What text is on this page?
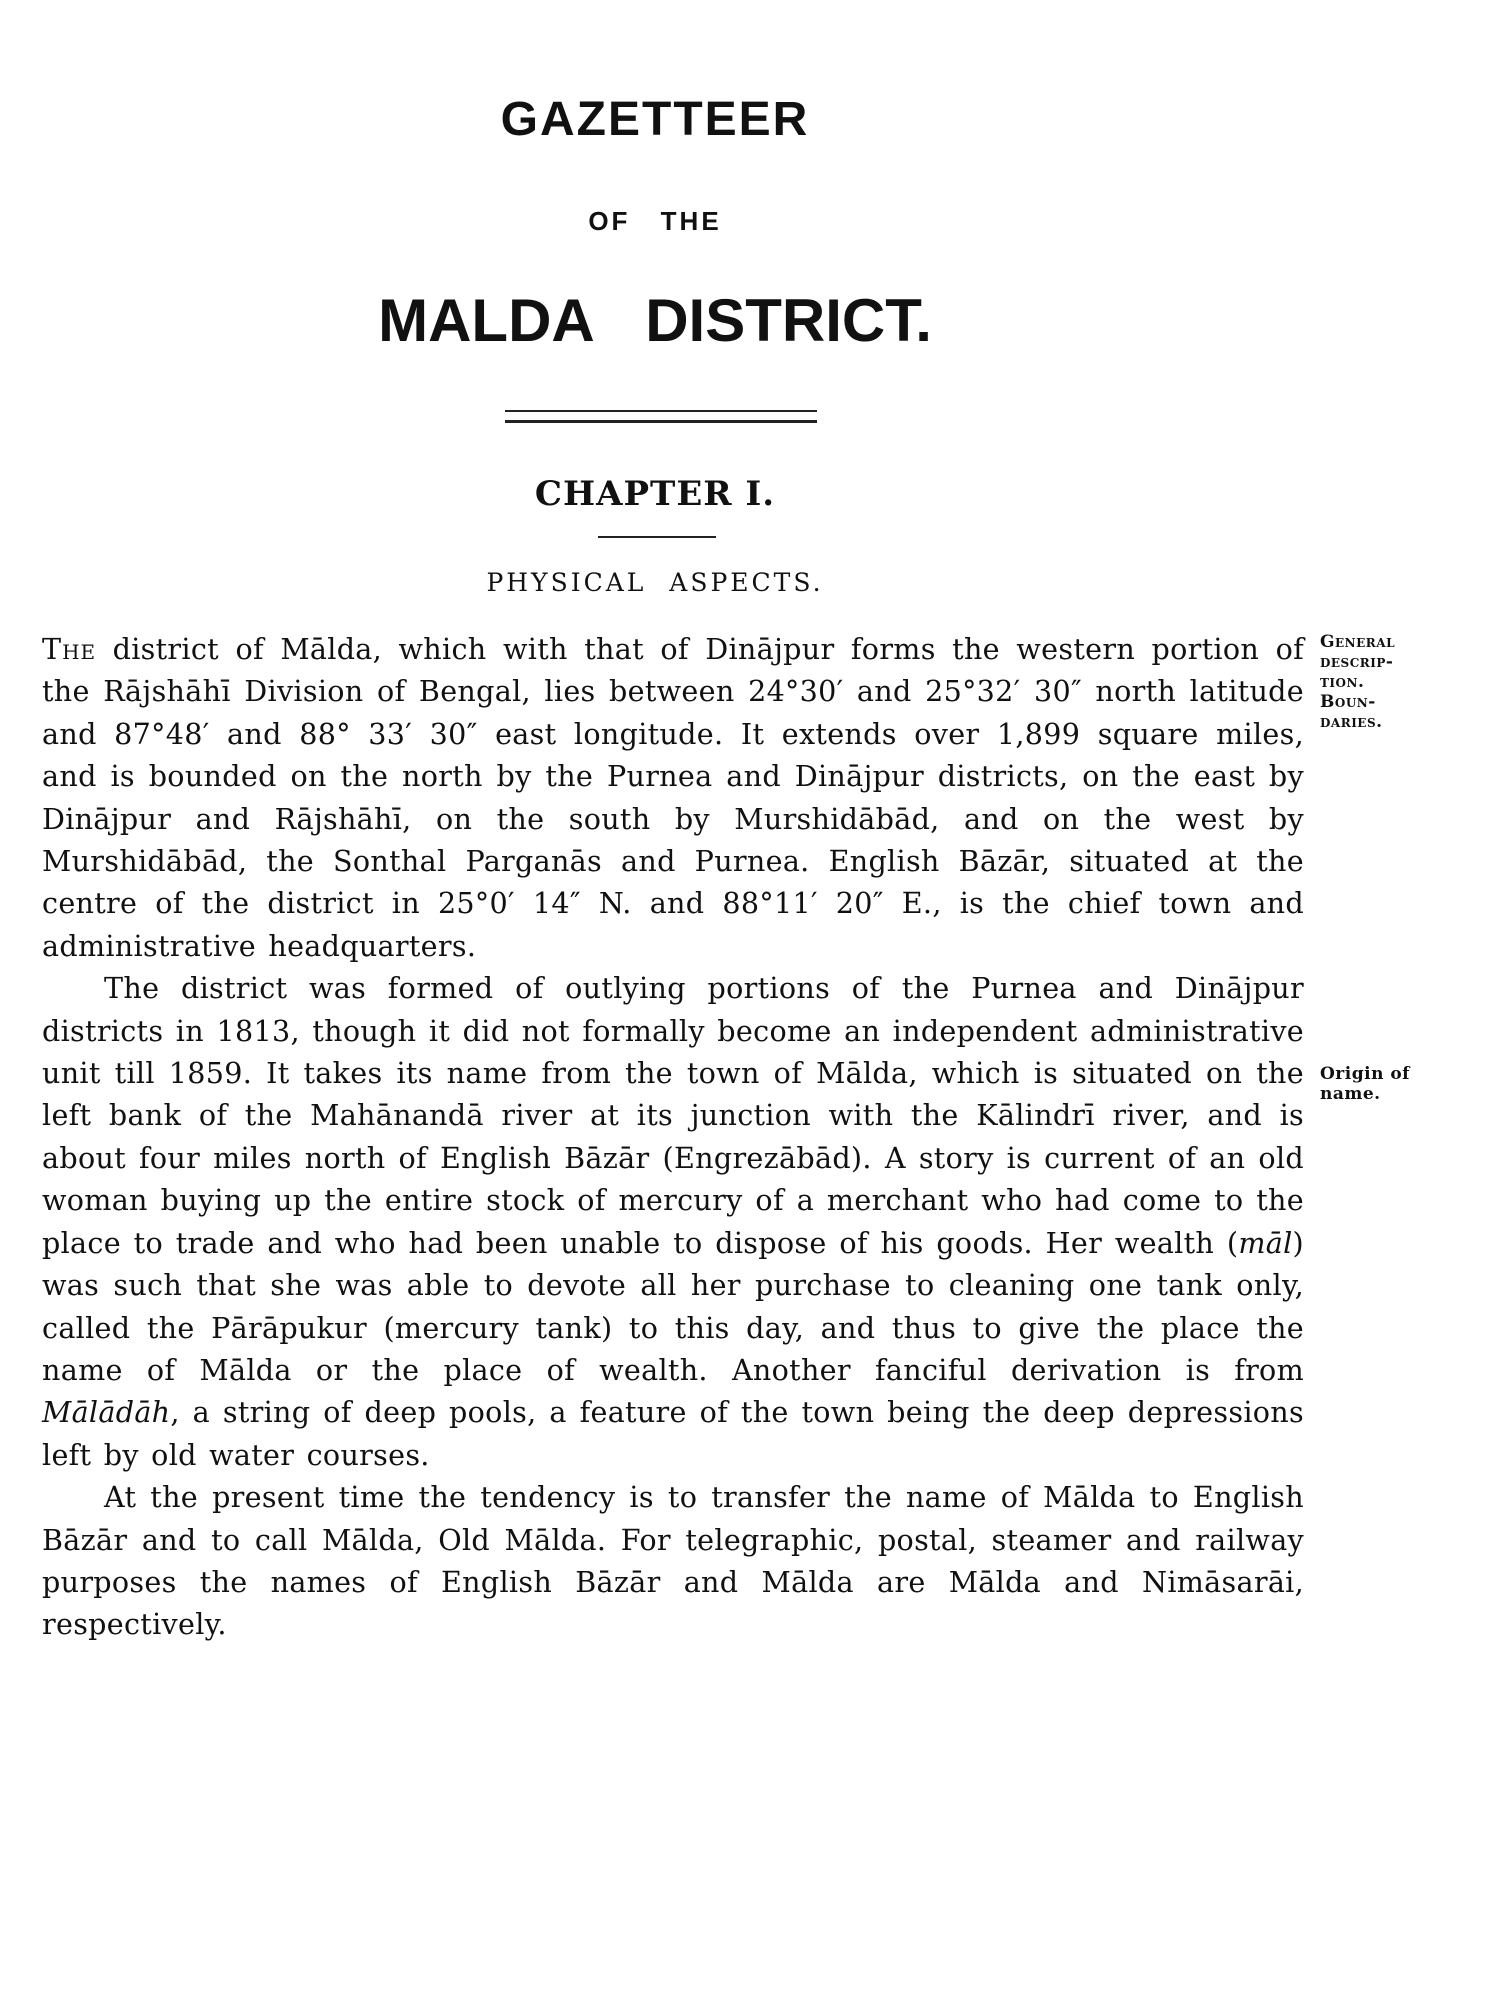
GAZETTEER
OF THE
MALDA DISTRICT.
CHAPTER I.
PHYSICAL ASPECTS.
General
descrip-
tion.
Boun-
daries.
Origin of
name.

The district of Mālda, which with that of Dinājpur forms the western portion of the Rājshāhī Division of Bengal, lies between 24°30′ and 25°32′ 30″ north latitude and 87°48′ and 88° 33′ 30″ east longitude. It extends over 1,899 square miles, and is bounded on the north by the Purnea and Dinājpur districts, on the east by Dinājpur and Rājshāhī, on the south by Murshidābād, and on the west by Murshidābād, the Sonthal Parganās and Purnea. English Bāzār, situated at the centre of the district in 25°0′ 14″ N. and 88°11′ 20″ E., is the chief town and administrative headquarters.

The district was formed of outlying portions of the Purnea and Dinājpur districts in 1813, though it did not formally become an independent administrative unit till 1859. It takes its name from the town of Mālda, which is situated on the left bank of the Mahānandā river at its junction with the Kālindrī river, and is about four miles north of English Bāzār (Engrezābād). A story is current of an old woman buying up the entire stock of mercury of a merchant who had come to the place to trade and who had been unable to dispose of his goods. Her wealth (māl) was such that she was able to devote all her purchase to cleaning one tank only, called the Pārāpukur (mercury tank) to this day, and thus to give the place the name of Mālda or the place of wealth. Another fanciful derivation is from Mālādāh, a string of deep pools, a feature of the town being the deep depressions left by old water courses.

At the present time the tendency is to transfer the name of Mālda to English Bāzār and to call Mālda, Old Mālda. For telegraphic, postal, steamer and railway purposes the names of English Bāzār and Mālda are Mālda and Nimāsarāi, respectively.
